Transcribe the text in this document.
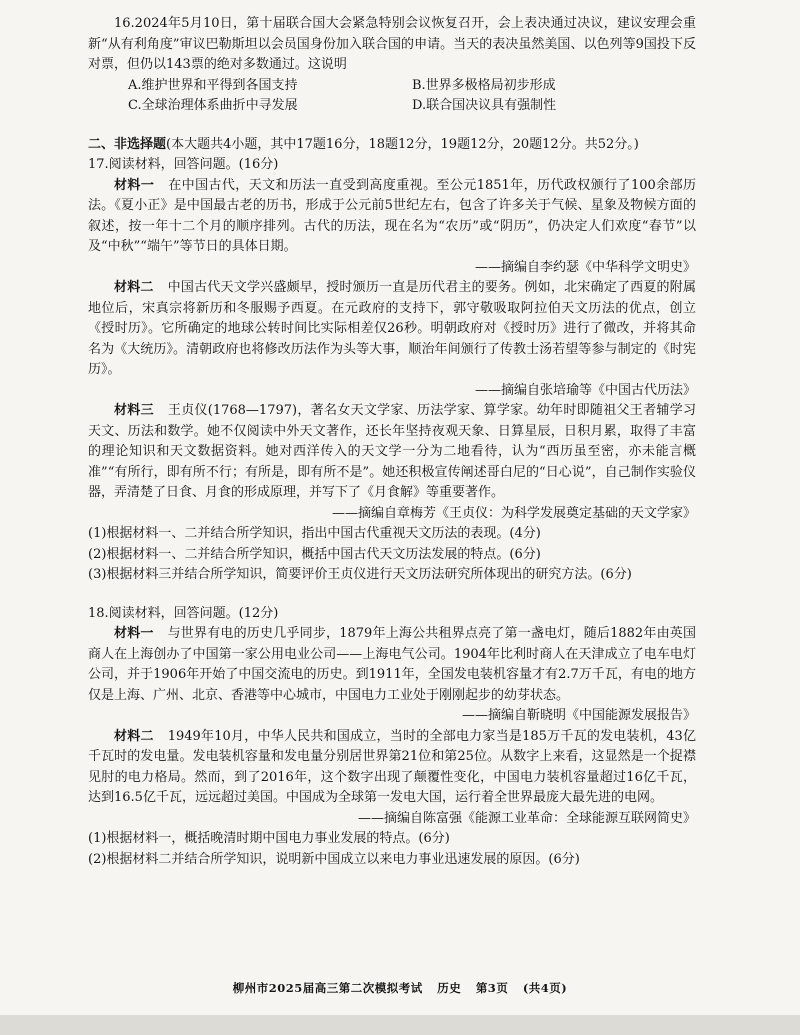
16.2024年5月10日，第十届联合国大会紧急特别会议恢复召开，会上表决通过决议，建议安理会重新“从有利角度”审议巴勒斯坦以会员国身份加入联合国的申请。当天的表决虽然美国、以色列等9国投下反对票，但仍以143票的绝对多数通过。这说明

A.维护世界和平得到各国支持	B.世界多极格局初步形成
C.全球治理体系曲折中寻发展	D.联合国决议具有强制性

二、非选择题(本大题共4小题，其中17题16分，18题12分，19题12分，20题12分。共52分。)

17.阅读材料，回答问题。(16分)

材料一 在中国古代，天文和历法一直受到高度重视。至公元1851年，历代政权颁行了100余部历法。《夏小正》是中国最古老的历书，形成于公元前5世纪左右，包含了许多关于气候、星象及物候方面的叙述，按一年十二个月的顺序排列。古代的历法，现在名为“农历”或“阴历”，仍决定人们欢度“春节”以及“中秋”“端午”等节日的具体日期。

——摘编自李约瑟《中华科学文明史》

材料二 中国古代天文学兴盛颇早，授时颁历一直是历代君主的要务。例如，北宋确定了西夏的附属地位后，宋真宗将新历和冬服赐予西夏。在元政府的支持下，郭守敬吸取阿拉伯天文历法的优点，创立《授时历》。它所确定的地球公转时间比实际相差仅26秒。明朝政府对《授时历》进行了微改，并将其命名为《大统历》。清朝政府也将修改历法作为头等大事，顺治年间颁行了传教士汤若望等参与制定的《时宪历》。

——摘编自张培瑜等《中国古代历法》

材料三 王贞仪(1768—1797)，著名女天文学家、历法学家、算学家。幼年时即随祖父王者辅学习天文、历法和数学。她不仅阅读中外天文著作，还长年坚持夜观天象、日算星辰，日积月累，取得了丰富的理论知识和天文数据资料。她对西洋传入的天文学一分为二地看待，认为“西历虽至密，亦未能言概准”“有所行，即有所不行；有所是，即有所不是”。她还积极宣传阐述哥白尼的“日心说”，自己制作实验仪器，弄清楚了日食、月食的形成原理，并写下了《月食解》等重要著作。

——摘编自章梅芳《王贞仪：为科学发展奠定基础的天文学家》

(1)根据材料一、二并结合所学知识，指出中国古代重视天文历法的表现。(4分)

(2)根据材料一、二并结合所学知识，概括中国古代天文历法发展的特点。(6分)

(3)根据材料三并结合所学知识，简要评价王贞仪进行天文历法研究所体现出的研究方法。(6分)

18.阅读材料，回答问题。(12分)

材料一 与世界有电的历史几乎同步，1879年上海公共租界点亮了第一盏电灯，随后1882年由英国商人在上海创办了中国第一家公用电业公司——上海电气公司。1904年比利时商人在天津成立了电车电灯公司，并于1906年开始了中国交流电的历史。到1911年，全国发电装机容量才有2.7万千瓦，有电的地方仅是上海、广州、北京、香港等中心城市，中国电力工业处于刚刚起步的幼芽状态。

——摘编自靳晓明《中国能源发展报告》

材料二 1949年10月，中华人民共和国成立，当时的全部电力家当是185万千瓦的发电装机，43亿千瓦时的发电量。发电装机容量和发电量分别居世界第21位和第25位。从数字上来看，这显然是一个捉襟见肘的电力格局。然而，到了2016年，这个数字出现了颠覆性变化，中国电力装机容量超过16亿千瓦，达到16.5亿千瓦，远远超过美国。中国成为全球第一发电大国，运行着全世界最庞大最先进的电网。

——摘编自陈富强《能源工业革命：全球能源互联网简史》

(1)根据材料一，概括晚清时期中国电力事业发展的特点。(6分)

(2)根据材料二并结合所学知识，说明新中国成立以来电力事业迅速发展的原因。(6分)

柳州市2025届高三第二次模拟考试 历史 第3页 (共4页)
